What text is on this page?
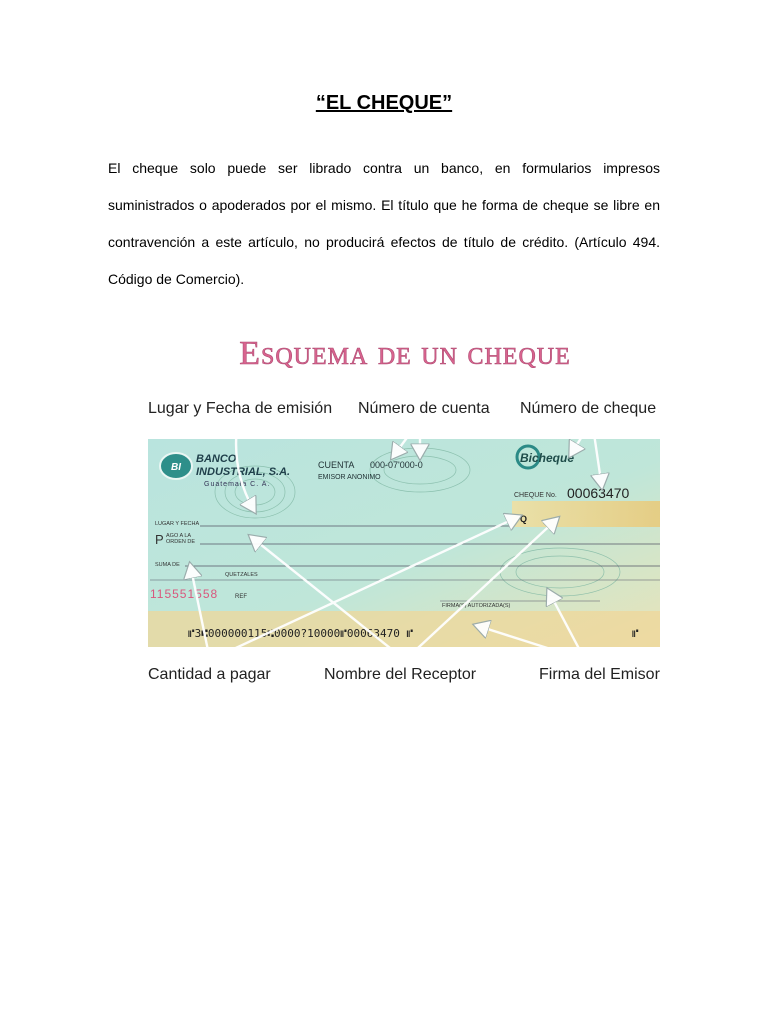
“EL CHEQUE”

El cheque solo puede ser librado contra un banco, en formularios impresos suministrados o apoderados por el mismo. El título que he forma de cheque se libre en contravención a este artículo, no producirá efectos de título de crédito. (Artículo 494. Código de Comercio).

Esquema de un cheque
Lugar y Fecha de emisión Número de cuenta Número de cheque
BI
BANCO
INDUSTRIAL, S.A.
Guatemala C. A.
CUENTA 000-07'000-0
EMISOR ANONIMO
Bicheque
CHEQUE No. 00063470
LUGAR Y FECHA	Q
P AGO A LA
ORDEN DE
SUMA DE
QUETZALES
115551558	REF
FIRMA(S) AUTORIZADA(S)
⑈3⑆000000115⑆0000?10000⑈00063470 ⑈	⑈
Cantidad a pagar	Nombre del Receptor	Firma del Emisor
